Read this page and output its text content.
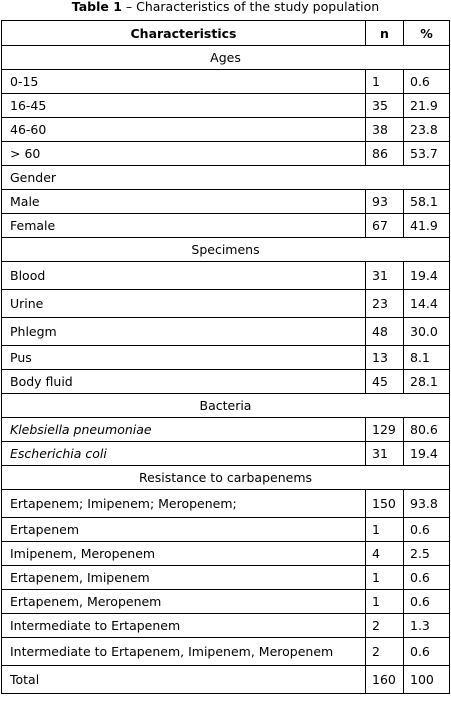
Table 1 – Characteristics of the study population
Characteristics	n	%
Ages		
0-15	1	0.6
16-45	35	21.9
46-60	38	23.8
> 60	86	53.7
Gender		
Male	93	58.1
Female	67	41.9
Specimens		
Blood	31	19.4
Urine	23	14.4
Phlegm	48	30.0
Pus	13	8.1
Body fluid	45	28.1
Bacteria		
Klebsiella pneumoniae	129	80.6
Escherichia coli	31	19.4
Resistance to carbapenems		
Ertapenem; Imipenem; Meropenem;	150	93.8
Ertapenem	1	0.6
Imipenem, Meropenem	4	2.5
Ertapenem, Imipenem	1	0.6
Ertapenem, Meropenem	1	0.6
Intermediate to Ertapenem	2	1.3
Intermediate to Ertapenem, Imipenem, Meropenem	2	0.6
Total	160	100
